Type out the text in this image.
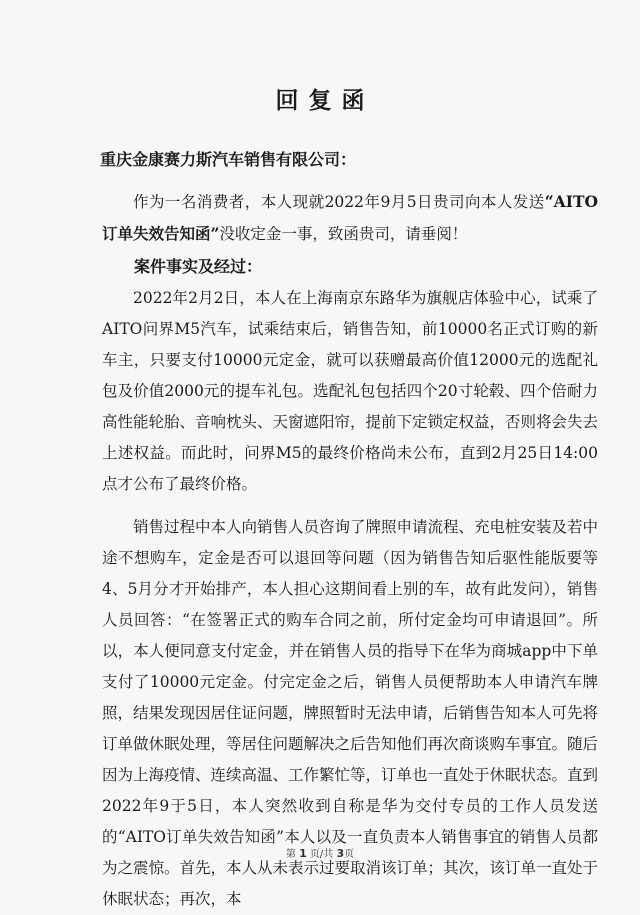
回复函
重庆金康赛力斯汽车销售有限公司：

作为一名消费者，本人现就2022年9月5日贵司向本人发送“AITO订单失效告知函”没收定金一事，致函贵司，请垂阅！

案件事实及经过：

2022年2月2日，本人在上海南京东路华为旗舰店体验中心，试乘了AITO问界M5汽车，试乘结束后，销售告知，前10000名正式订购的新车主，只要支付10000元定金，就可以获赠最高价值12000元的选配礼包及价值2000元的提车礼包。选配礼包包括四个20寸轮毂、四个倍耐力高性能轮胎、音响枕头、天窗遮阳帘，提前下定锁定权益，否则将会失去上述权益。而此时，问界M5的最终价格尚未公布，直到2月25日14:00点才公布了最终价格。

销售过程中本人向销售人员咨询了牌照申请流程、充电桩安装及若中途不想购车，定金是否可以退回等问题（因为销售告知后驱性能版要等4、5月分才开始排产，本人担心这期间看上别的车，故有此发问），销售人员回答：“在签署正式的购车合同之前，所付定金均可申请退回”。所以，本人便同意支付定金，并在销售人员的指导下在华为商城app中下单支付了10000元定金。付完定金之后，销售人员便帮助本人申请汽车牌照，结果发现因居住证问题，牌照暂时无法申请，后销售告知本人可先将订单做休眠处理，等居住问题解决之后告知他们再次商谈购车事宜。随后因为上海疫情、连续高温、工作繁忙等，订单也一直处于休眠状态。直到2022年9于5日，本人突然收到自称是华为交付专员的工作人员发送的“AITO订单失效告知函”本人以及一直负责本人销售事宜的销售人员都为之震惊。首先，本人从未表示过要取消该订单；其次，该订单一直处于休眠状态；再次，本

第 1 页/共 3页
